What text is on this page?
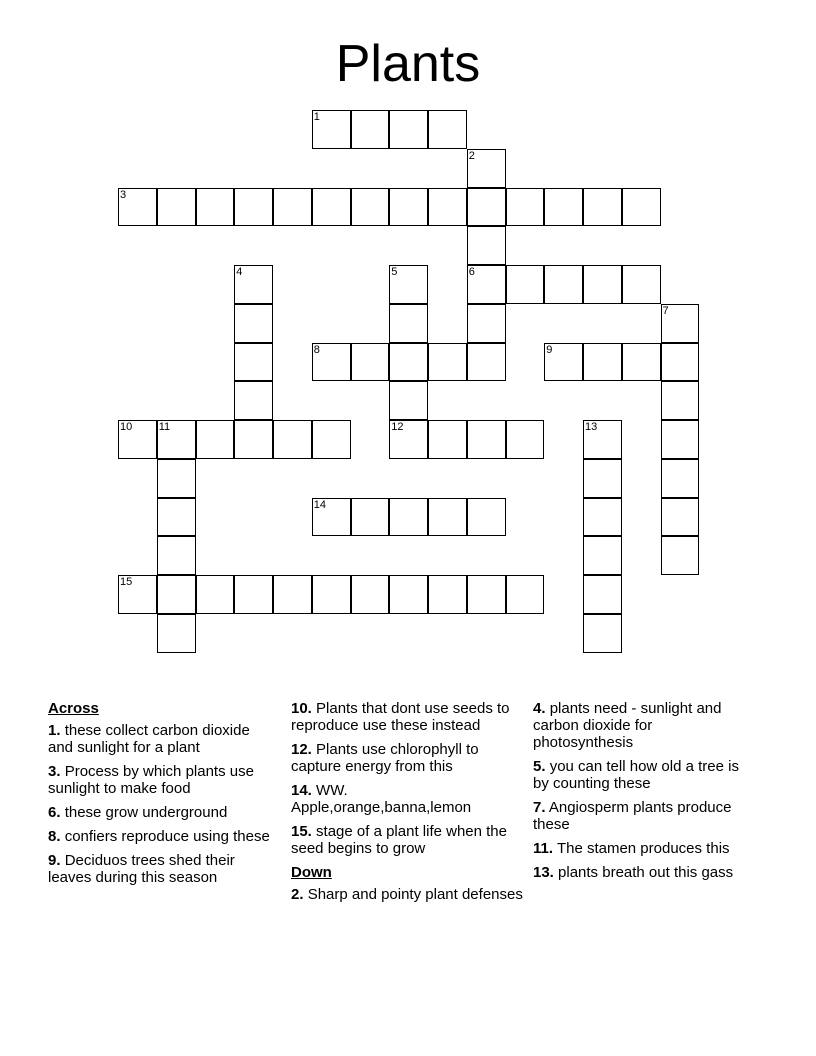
Plants
1
2
6
3
4	5
7
8	9
10 11	12	13
14
15
Across
1. these collect carbon dioxide and sunlight for a plant
3. Process by which plants use sunlight to make food
6. these grow underground
8. confiers reproduce using these
9. Deciduos trees shed their leaves during this season
10. Plants that dont use seeds to reproduce use these instead
12. Plants use chlorophyll to capture energy from this
14. WW. Apple,orange,banna,lemon
15. stage of a plant life when the seed begins to grow
Down
2. Sharp and pointy plant defenses
4. plants need - sunlight and carbon dioxide for photosynthesis
5. you can tell how old a tree is by counting these
7. Angiosperm plants produce these
11. The stamen produces this
13. plants breath out this gass
